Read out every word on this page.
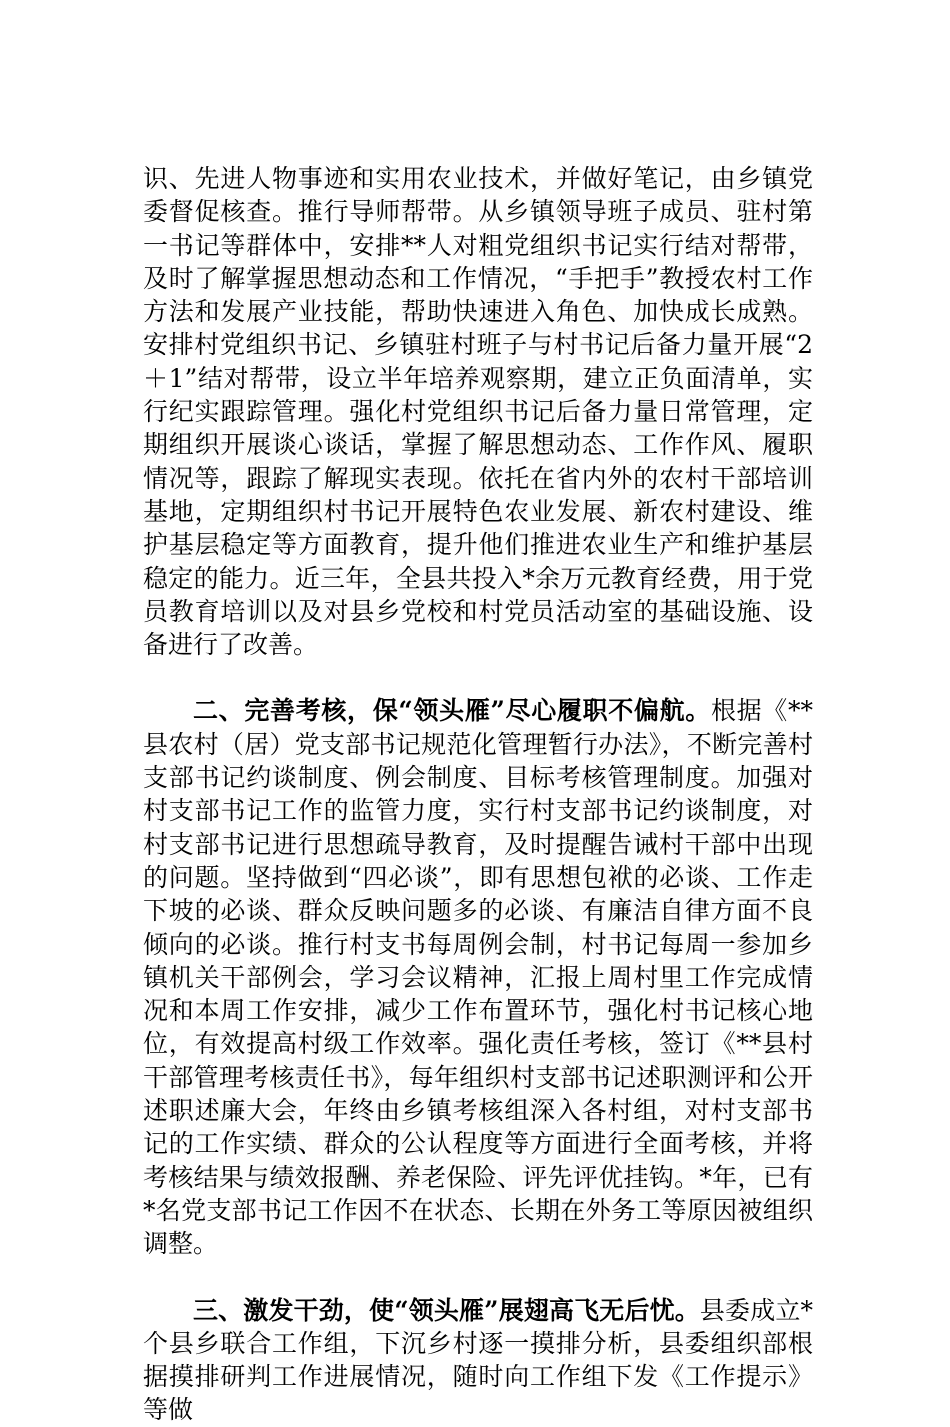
识、先进人物事迹和实用农业技术，并做好笔记，由乡镇党委督促核查。推行导师帮带。从乡镇领导班子成员、驻村第一书记等群体中，安排**人对粗党组织书记实行结对帮带，及时了解掌握思想动态和工作情况，“手把手”教授农村工作方法和发展产业技能，帮助快速进入角色、加快成长成熟。安排村党组织书记、乡镇驻村班子与村书记后备力量开展“2＋1”结对帮带，设立半年培养观察期，建立正负面清单，实行纪实跟踪管理。强化村党组织书记后备力量日常管理，定期组织开展谈心谈话，掌握了解思想动态、工作作风、履职情况等，跟踪了解现实表现。依托在省内外的农村干部培训基地，定期组织村书记开展特色农业发展、新农村建设、维护基层稳定等方面教育，提升他们推进农业生产和维护基层稳定的能力。近三年，全县共投入*余万元教育经费，用于党员教育培训以及对县乡党校和村党员活动室的基础设施、设备进行了改善。

二、完善考核，保“领头雁”尽心履职不偏航。根据《**县农村（居）党支部书记规范化管理暂行办法》，不断完善村支部书记约谈制度、例会制度、目标考核管理制度。加强对村支部书记工作的监管力度，实行村支部书记约谈制度，对村支部书记进行思想疏导教育，及时提醒告诫村干部中出现的问题。坚持做到“四必谈”，即有思想包袱的必谈、工作走下坡的必谈、群众反映问题多的必谈、有廉洁自律方面不良倾向的必谈。推行村支书每周例会制，村书记每周一参加乡镇机关干部例会，学习会议精神，汇报上周村里工作完成情况和本周工作安排，减少工作布置环节，强化村书记核心地位，有效提高村级工作效率。强化责任考核，签订《**县村干部管理考核责任书》，每年组织村支部书记述职测评和公开述职述廉大会，年终由乡镇考核组深入各村组，对村支部书记的工作实绩、群众的公认程度等方面进行全面考核，并将考核结果与绩效报酬、养老保险、评先评优挂钩。*年，已有*名党支部书记工作因不在状态、长期在外务工等原因被组织调整。

三、激发干劲，使“领头雁”展翅高飞无后忧。县委成立*个县乡联合工作组，下沉乡村逐一摸排分析，县委组织部根据摸排研判工作进展情况，随时向工作组下发《工作提示》等做
